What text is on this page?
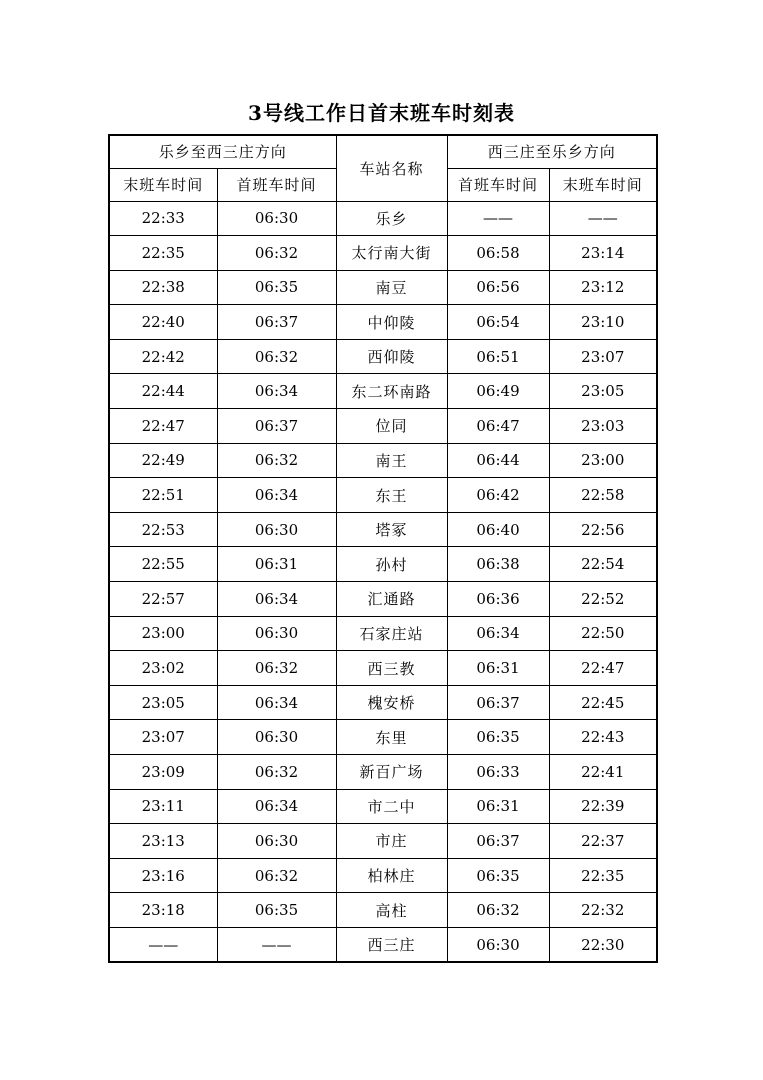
3号线工作日首末班车时刻表
乐乡至西三庄方向		车站名称	西三庄至乐乡方向	
末班车时间	首班车时间		首班车时间	末班车时间
22:33	06:30	乐乡	——	——
22:35	06:32	太行南大街	06:58	23:14
22:38	06:35	南豆	06:56	23:12
22:40	06:37	中仰陵	06:54	23:10
22:42	06:32	西仰陵	06:51	23:07
22:44	06:34	东二环南路	06:49	23:05
22:47	06:37	位同	06:47	23:03
22:49	06:32	南王	06:44	23:00
22:51	06:34	东王	06:42	22:58
22:53	06:30	塔冢	06:40	22:56
22:55	06:31	孙村	06:38	22:54
22:57	06:34	汇通路	06:36	22:52
23:00	06:30	石家庄站	06:34	22:50
23:02	06:32	西三教	06:31	22:47
23:05	06:34	槐安桥	06:37	22:45
23:07	06:30	东里	06:35	22:43
23:09	06:32	新百广场	06:33	22:41
23:11	06:34	市二中	06:31	22:39
23:13	06:30	市庄	06:37	22:37
23:16	06:32	柏林庄	06:35	22:35
23:18	06:35	高柱	06:32	22:32
——	——	西三庄	06:30	22:30
